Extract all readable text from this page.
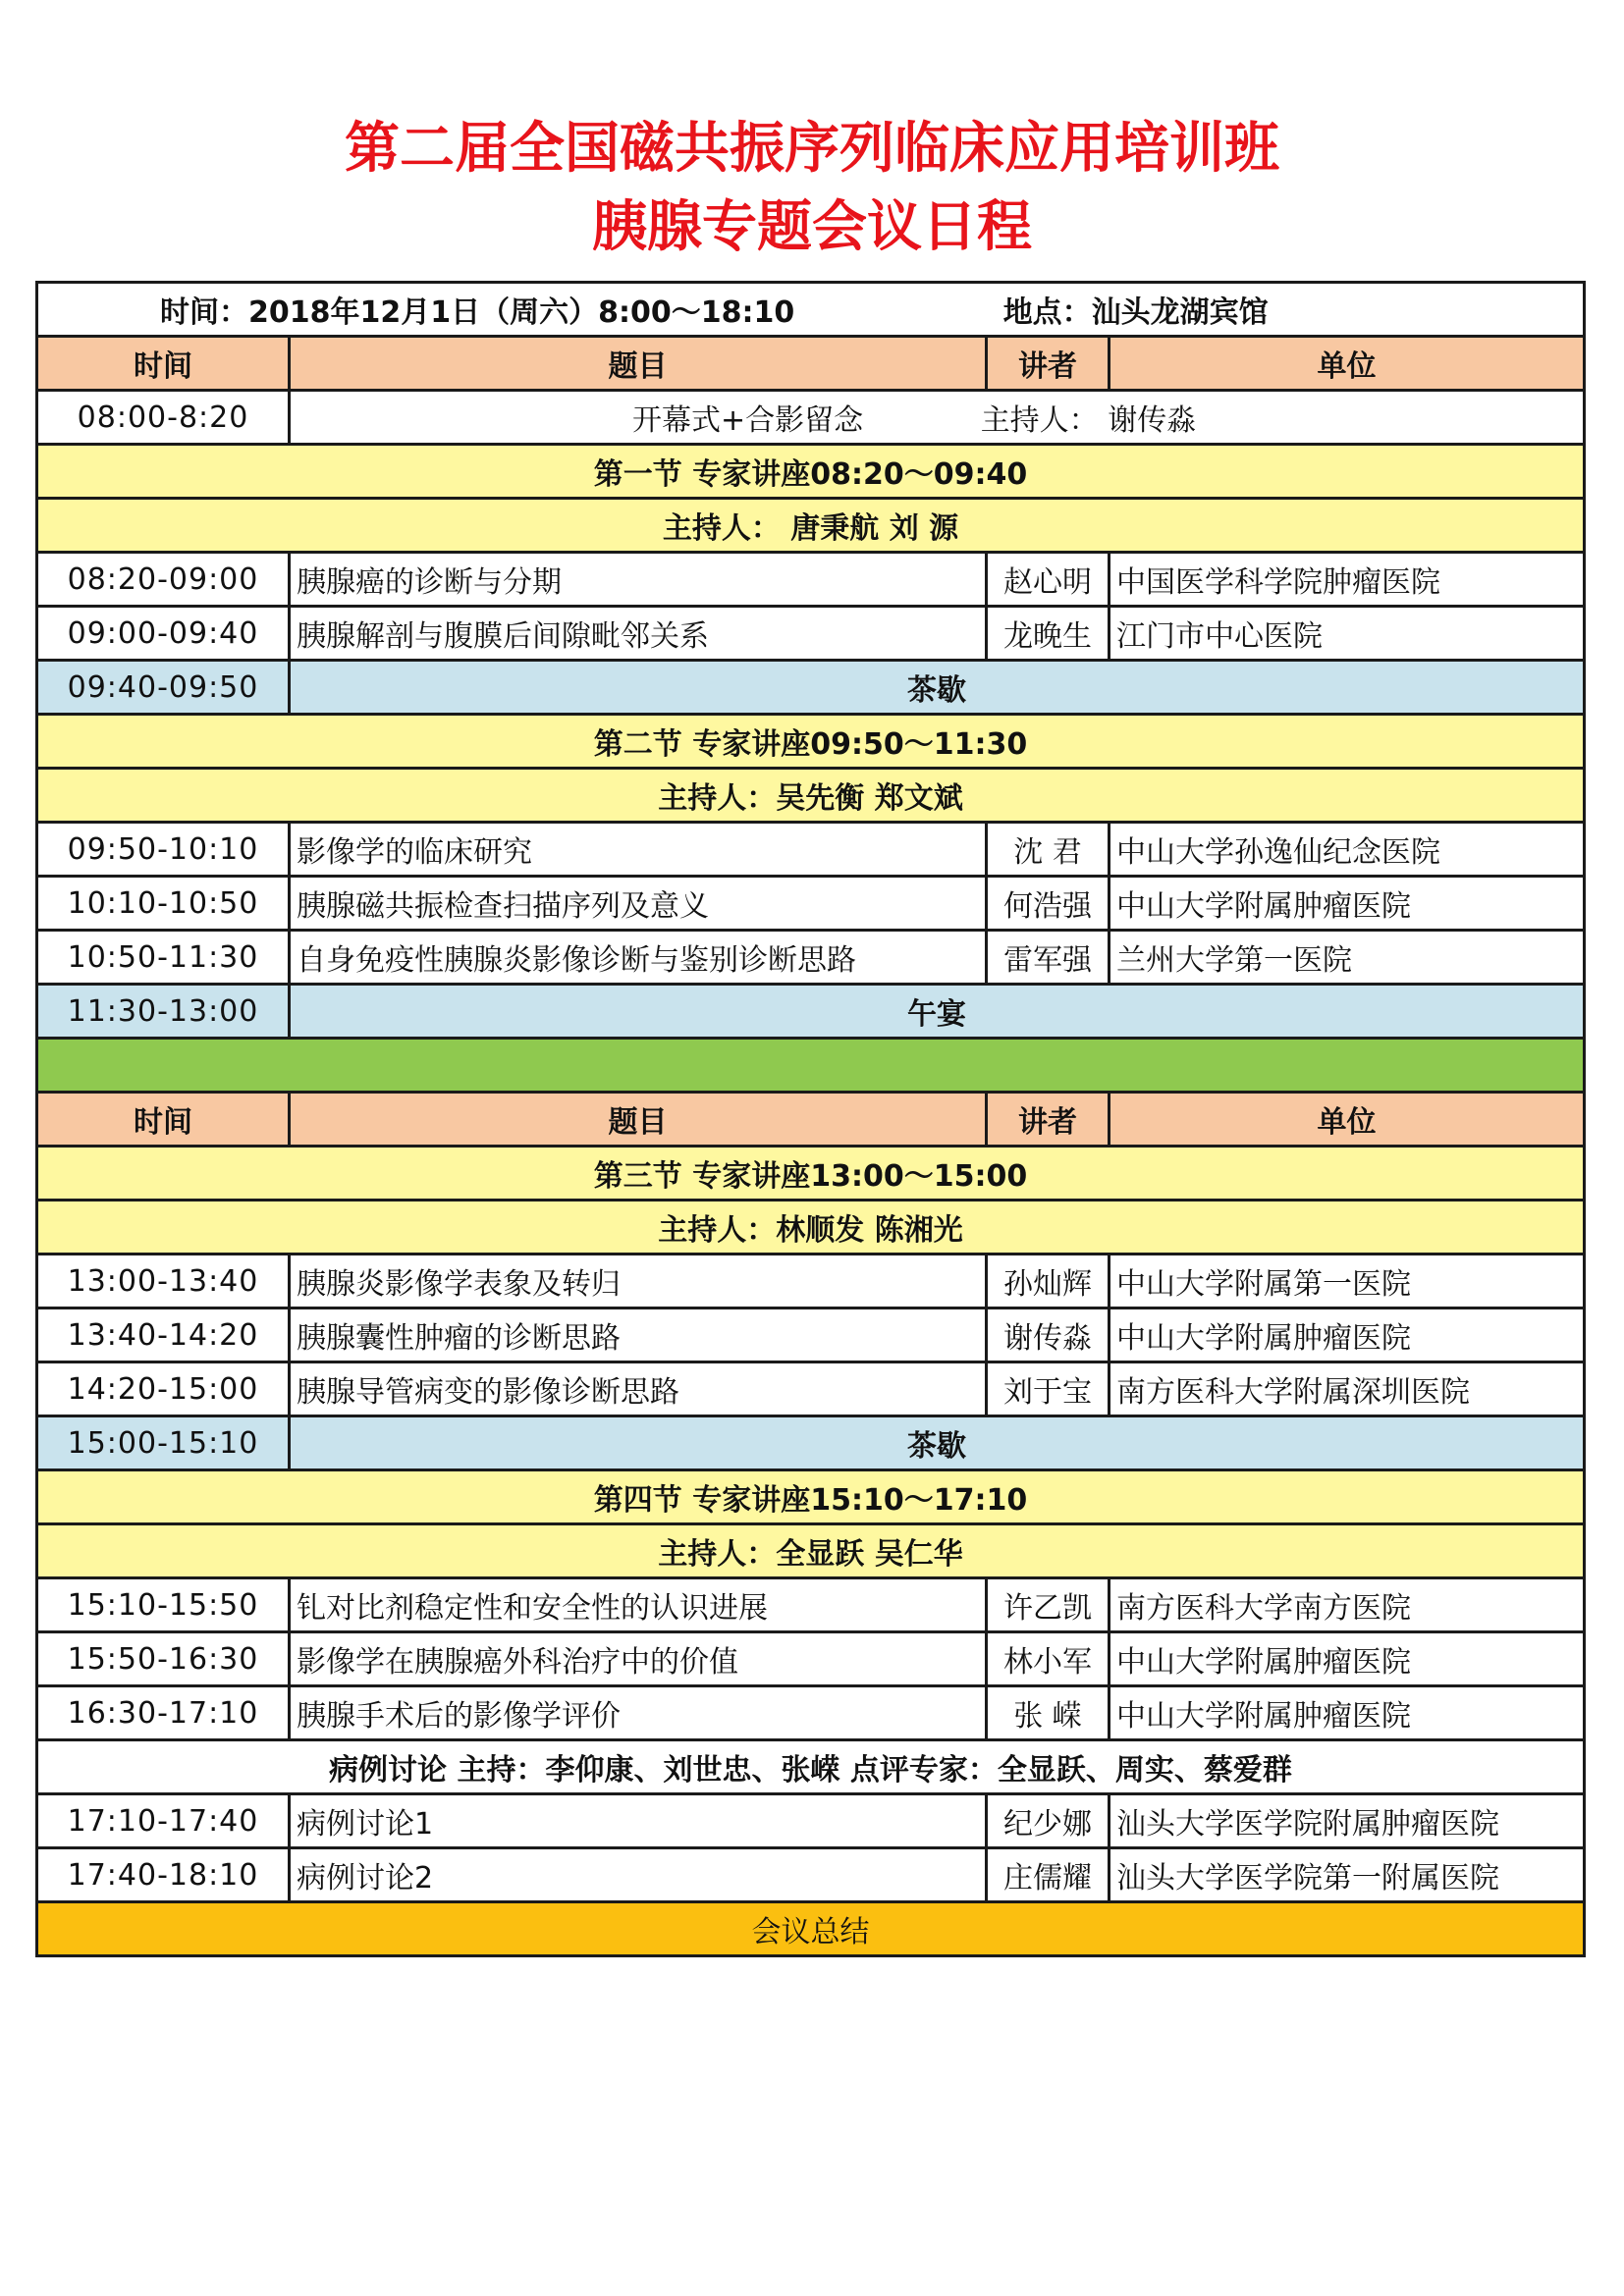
第二届全国磁共振序列临床应用培训班
胰腺专题会议日程
时间：2018年12月1日（周六）8:00～18:10 地点：汕头龙湖宾馆			
时间	题目	讲者	单位
08:00-8:20	开幕式+合影留念 主持人： 谢传淼		
第一节 专家讲座08:20～09:40			
主持人： 唐秉航 刘 源			
08:20-09:00	胰腺癌的诊断与分期	赵心明	中国医学科学院肿瘤医院
09:00-09:40	胰腺解剖与腹膜后间隙毗邻关系	龙晚生	江门市中心医院
09:40-09:50	茶歇		
第二节 专家讲座09:50～11:30			
主持人：吴先衡 郑文斌			
09:50-10:10	影像学的临床研究	沈 君	中山大学孙逸仙纪念医院
10:10-10:50	胰腺磁共振检查扫描序列及意义	何浩强	中山大学附属肿瘤医院
10:50-11:30	自身免疫性胰腺炎影像诊断与鉴别诊断思路	雷军强	兰州大学第一医院
11:30-13:00	午宴		

时间	题目	讲者	单位
第三节 专家讲座13:00～15:00			
主持人：林顺发 陈湘光			
13:00-13:40	胰腺炎影像学表象及转归	孙灿辉	中山大学附属第一医院
13:40-14:20	胰腺囊性肿瘤的诊断思路	谢传淼	中山大学附属肿瘤医院
14:20-15:00	胰腺导管病变的影像诊断思路	刘于宝	南方医科大学附属深圳医院
15:00-15:10	茶歇		
第四节 专家讲座15:10～17:10			
主持人：全显跃 吴仁华			
15:10-15:50	钆对比剂稳定性和安全性的认识进展	许乙凯	南方医科大学南方医院
15:50-16:30	影像学在胰腺癌外科治疗中的价值	林小军	中山大学附属肿瘤医院
16:30-17:10	胰腺手术后的影像学评价	张 嵘	中山大学附属肿瘤医院
病例讨论 主持：李仰康、刘世忠、张嵘 点评专家：全显跃、周实、蔡爱群			
17:10-17:40	病例讨论1	纪少娜	汕头大学医学院附属肿瘤医院
17:40-18:10	病例讨论2	庄儒耀	汕头大学医学院第一附属医院
会议总结			
